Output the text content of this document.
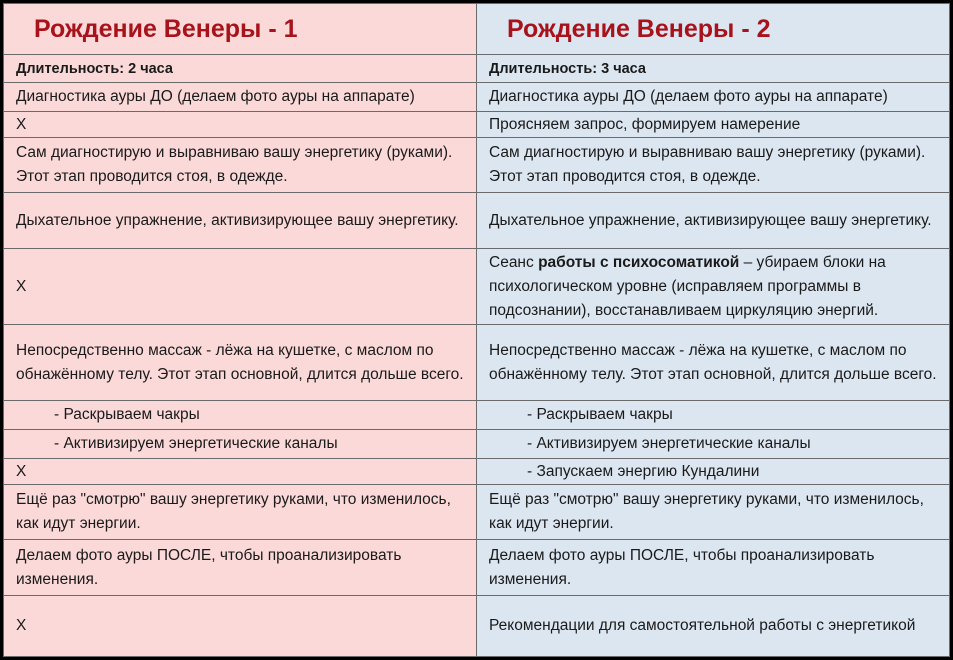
Рождение Венеры - 1	Рождение Венеры - 2
Длительность: 2 часа	Длительность: 3 часа
Диагностика ауры ДО (делаем фото ауры на аппарате)	Диагностика ауры ДО (делаем фото ауры на аппарате)
Х	Проясняем запрос, формируем намерение
Сам диагностирую и выравниваю вашу энергетику (руками). Этот этап проводится стоя, в одежде.	Сам диагностирую и выравниваю вашу энергетику (руками). Этот этап проводится стоя, в одежде.
Дыхательное упражнение, активизирующее вашу энергетику.	Дыхательное упражнение, активизирующее вашу энергетику.
Х	Сеанс работы с психосоматикой – убираем блоки на психологическом уровне (исправляем программы в подсознании), восстанавливаем циркуляцию энергий.
Непосредственно массаж - лёжа на кушетке, с маслом по обнажённому телу. Этот этап основной, длится дольше всего.	Непосредственно массаж - лёжа на кушетке, с маслом по обнажённому телу. Этот этап основной, длится дольше всего.
- Раскрываем чакры	- Раскрываем чакры
- Активизируем энергетические каналы	- Активизируем энергетические каналы
Х	- Запускаем энергию Кундалини
Ещё раз "смотрю" вашу энергетику руками, что изменилось, как идут энергии.	Ещё раз "смотрю" вашу энергетику руками, что изменилось, как идут энергии.
Делаем фото ауры ПОСЛЕ, чтобы проанализировать изменения.	Делаем фото ауры ПОСЛЕ, чтобы проанализировать изменения.
Х	Рекомендации для самостоятельной работы с энергетикой
